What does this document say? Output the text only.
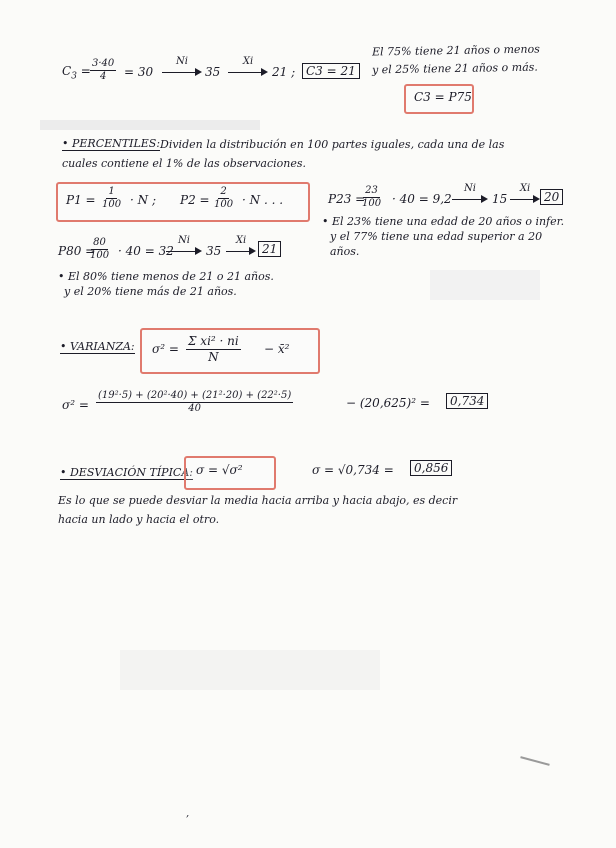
$C_3 = \frac{3\cdot 40}{4} = 30$
Ni
35
Xi
21 ; C3 = 21
El 75% tiene 21 años o menos
y el 25% tiene 21 años o más.
C3 = P75
• PERCENTILES: Dividen la distribución en 100 partes iguales, cada una de las
cuales contiene el 1% de las observaciones.
$P1 = \frac{1}{100} \cdot N$ ; $P2 = \frac{2}{100} \cdot N$ . . .	P23 =
$\frac{23}{100} \cdot 40 = 9,2$
Ni
15
Xi
20
• El 23% tiene una edad de 20 años o infer.
y el 77% tiene una edad superior a 20
años.
P80 =
$\frac{80}{100} \cdot 40 = 32$
Ni
35
Xi
21
• El 80% tiene menos de 21 o 21 años.
y el 20% tiene más de 21 años.
• VARIANZA: $\sigma^2 = \frac{\text{Σ xi² · ni}}{N}$ − x̄²
$\sigma^2 = \frac{\text{(19²·5) + (20²·40) + (21²·20) + (22²·5)}}{40}$	− (20,625)² =	0,734
• DESVIACIÓN TÍPICA: σ = √σ²	σ = √0,734 =	0,856
Es lo que se puede desviar la media hacia arriba y hacia abajo, es decir
hacia un lado y hacia el otro.
,
